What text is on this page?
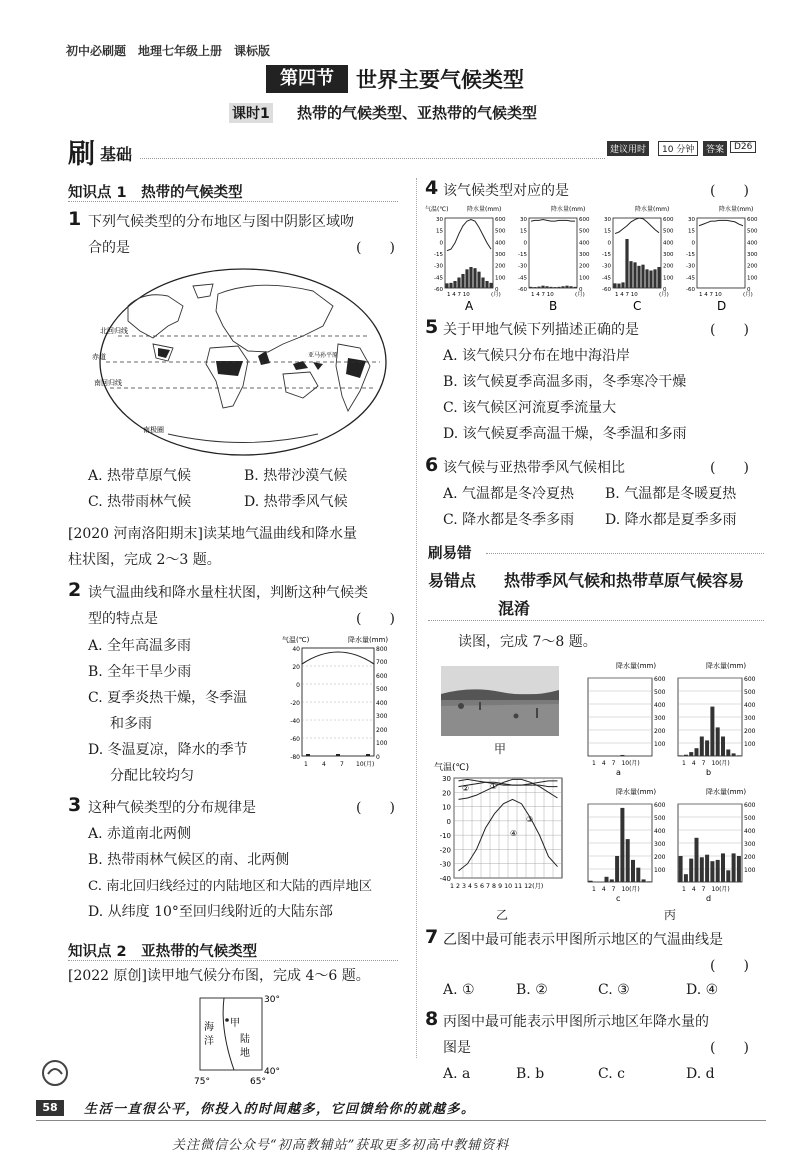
初中必刷题　地理七年级上册　课标版
第四节	世界主要气候类型
课时1 热带的气候类型、亚热带的气候类型
刷 基础	建议用时	10 分钟	答案	D26
知识点 1　热带的气候类型
1 下列气候类型的分布地区与图中阴影区域吻
合的是	(　　)
北回归线
赤道
南回归线
亚马孙平原
南极圈
A. 热带草原气候	B. 热带沙漠气候
C. 热带雨林气候	D. 热带季风气候
[2020 河南洛阳期末]读某地气温曲线和降水量
柱状图，完成 2～3 题。
2 读气温曲线和降水量柱状图，判断这种气候类
型的特点是	(　　)
A. 全年高温多雨
B. 全年干旱少雨
C. 夏季炎热干燥，冬季温
和多雨
D. 冬温夏凉，降水的季节
分配比较均匀
气温(℃)	降水量(mm)
40
20
0
-20
-40
-60
-80
800
700
600
500
400
300
200
100
0
1 4 7 10(月)
3 这种气候类型的分布规律是	(　　)
A. 赤道南北两侧
B. 热带雨林气候区的南、北两侧
C. 南北回归线经过的内陆地区和大陆的西岸地区
D. 从纬度 10°至回归线附近的大陆东部
知识点 2　亚热带的气候类型
[2022 原创]读甲地气候分布图，完成 4～6 题。
30°
40°
75°	65°
海
洋
甲
陆
地
4 该气候类型对应的是	(　　)
气温(℃)	降水量(mm)
30	600
15	500
0	400
-15	300
-30	200
-45	100
-60	0
1 4 7 10	(月)
A
降水量(mm)
30	600
15	500
0	400
-15	300
-30	200
-45	100
-60	0
1 4 7 10	(月)
B
降水量(mm)
30	600
15	500
0	400
-15	300
-30	200
-45	100
-60	0
1 4 7 10	(月)
C
降水量(mm)
30	600
15	500
0	400
-15	300
-30	200
-45	100
-60	0
1 4 7 10	(月)
D
5 关于甲地气候下列描述正确的是	(　　)
A. 该气候只分布在地中海沿岸
B. 该气候夏季高温多雨，冬季寒冷干燥
C. 该气候区河流夏季流量大
D. 该气候夏季高温干燥，冬季温和多雨
6 该气候与亚热带季风气候相比	(　　)
A. 气温都是冬冷夏热 B. 气温都是冬暖夏热
C. 降水都是冬季多雨 D. 降水都是夏季多雨
刷易错
易错点 热带季风气候和热带草原气候容易
混淆
读图，完成 7～8 题。
甲
气温(℃)
30
20
10
0
-10
-20
-30
-40
①
②
③
④
1 2 3 4 5 6 7 8 9 10 11 12(月)
乙
降水量(mm)
600
500
400
300
200
100
1　4　7　10(月)
a
降水量(mm)
600
500
400
300
200
100
1　4　7　10(月)
b
降水量(mm)
600
500
400
300
200
100
1　4　7　10(月)
c
降水量(mm)
600
500
400
300
200
100
1　4　7　10(月)
d
丙
7 乙图中最可能表示甲图所示地区的气温曲线是
(　　)
A. ①	B. ②	C. ③	D. ④
8 丙图中最可能表示甲图所示地区年降水量的
图是	(　　)
A. a	B. b	C. c	D. d
58	生活一直很公平，你投入的时间越多，它回馈给你的就越多。
关注微信公众号“初高教辅站”获取更多初高中教辅资料
